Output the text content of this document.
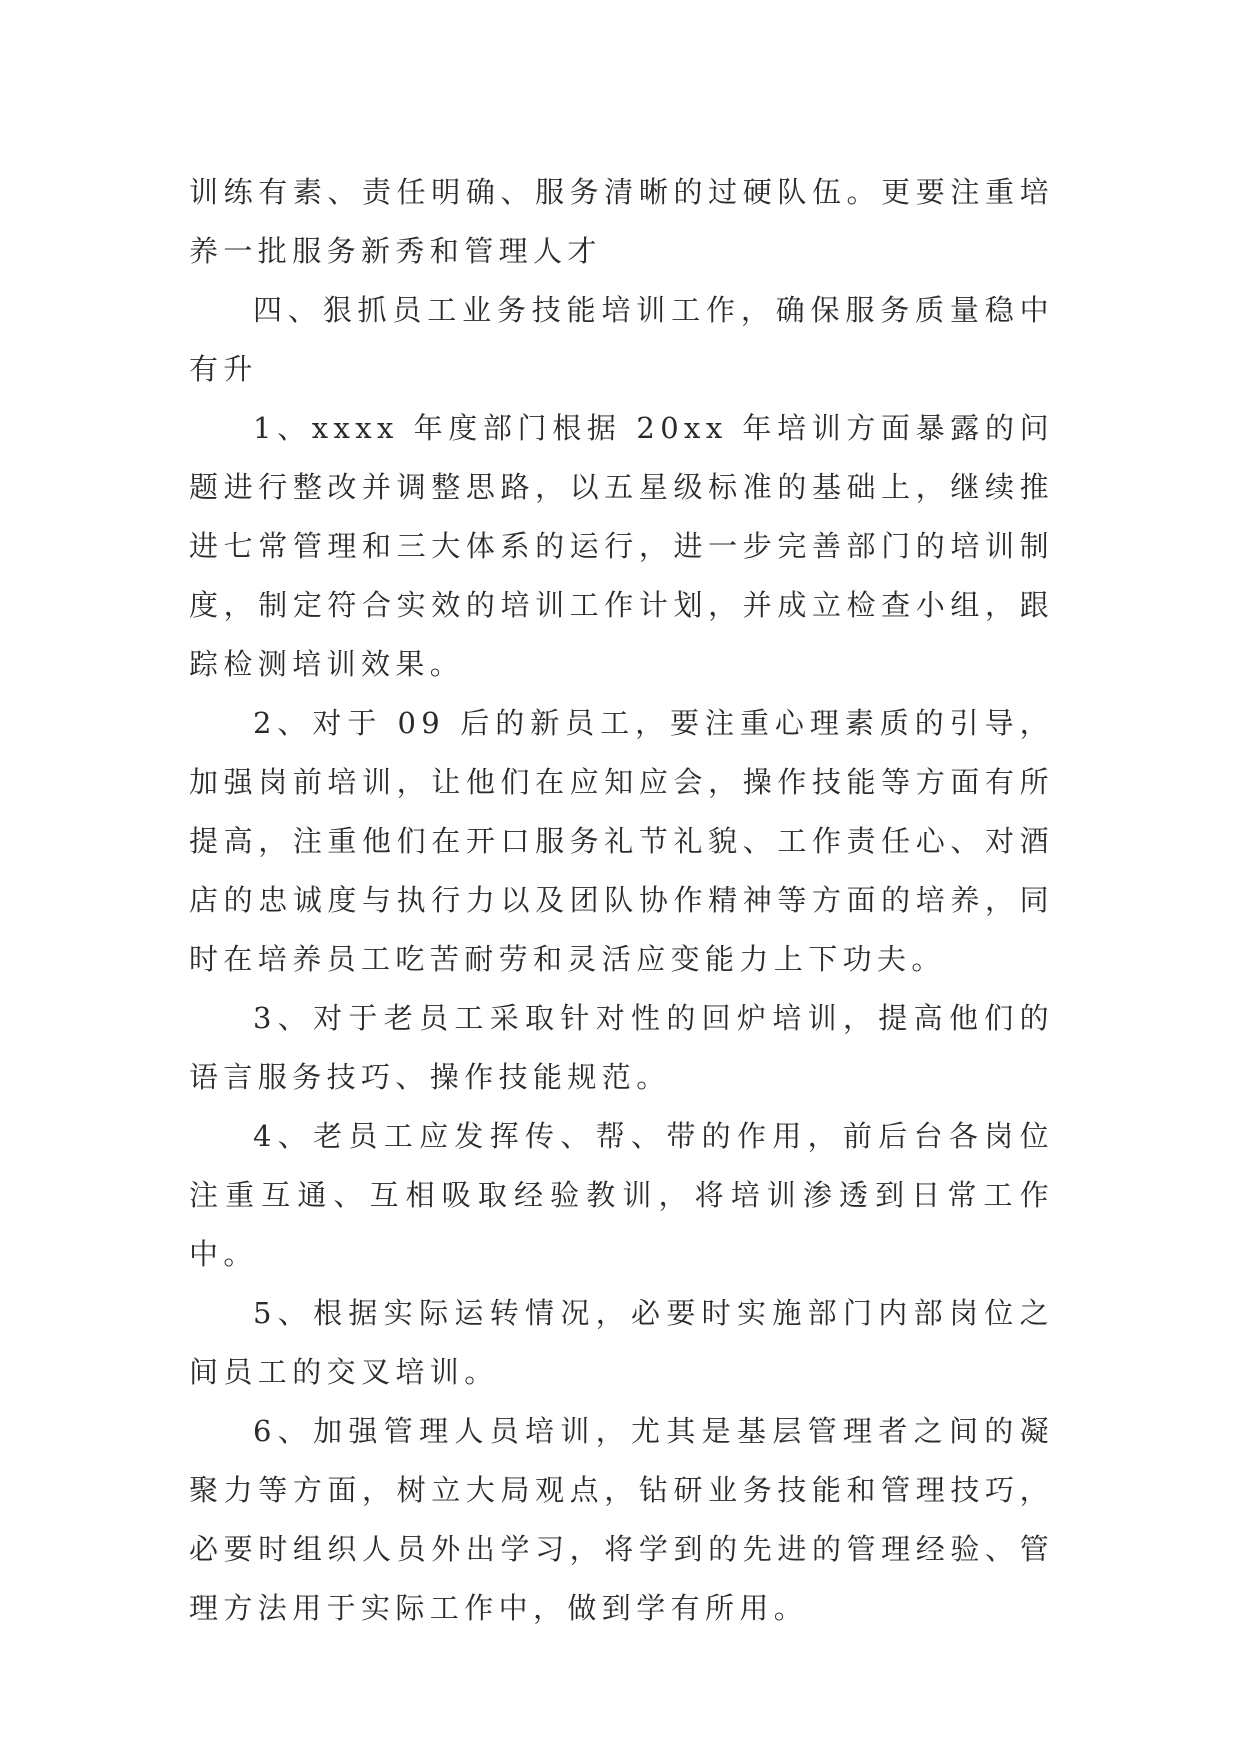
训练有素、责任明确、服务清晰的过硬队伍。更要注重培养一批服务新秀和管理人才

四、狠抓员工业务技能培训工作，确保服务质量稳中有升

1、xxxx 年度部门根据 20xx 年培训方面暴露的问题进行整改并调整思路，以五星级标准的基础上，继续推进七常管理和三大体系的运行，进一步完善部门的培训制度，制定符合实效的培训工作计划，并成立检查小组，跟踪检测培训效果。

2、对于 09 后的新员工，要注重心理素质的引导，加强岗前培训，让他们在应知应会，操作技能等方面有所提高，注重他们在开口服务礼节礼貌、工作责任心、对酒店的忠诚度与执行力以及团队协作精神等方面的培养，同时在培养员工吃苦耐劳和灵活应变能力上下功夫。

3、对于老员工采取针对性的回炉培训，提高他们的语言服务技巧、操作技能规范。

4、老员工应发挥传、帮、带的作用，前后台各岗位注重互通、互相吸取经验教训，将培训渗透到日常工作中。

5、根据实际运转情况，必要时实施部门内部岗位之间员工的交叉培训。

6、加强管理人员培训，尤其是基层管理者之间的凝聚力等方面，树立大局观点，钻研业务技能和管理技巧，必要时组织人员外出学习，将学到的先进的管理经验、管理方法用于实际工作中，做到学有所用。
